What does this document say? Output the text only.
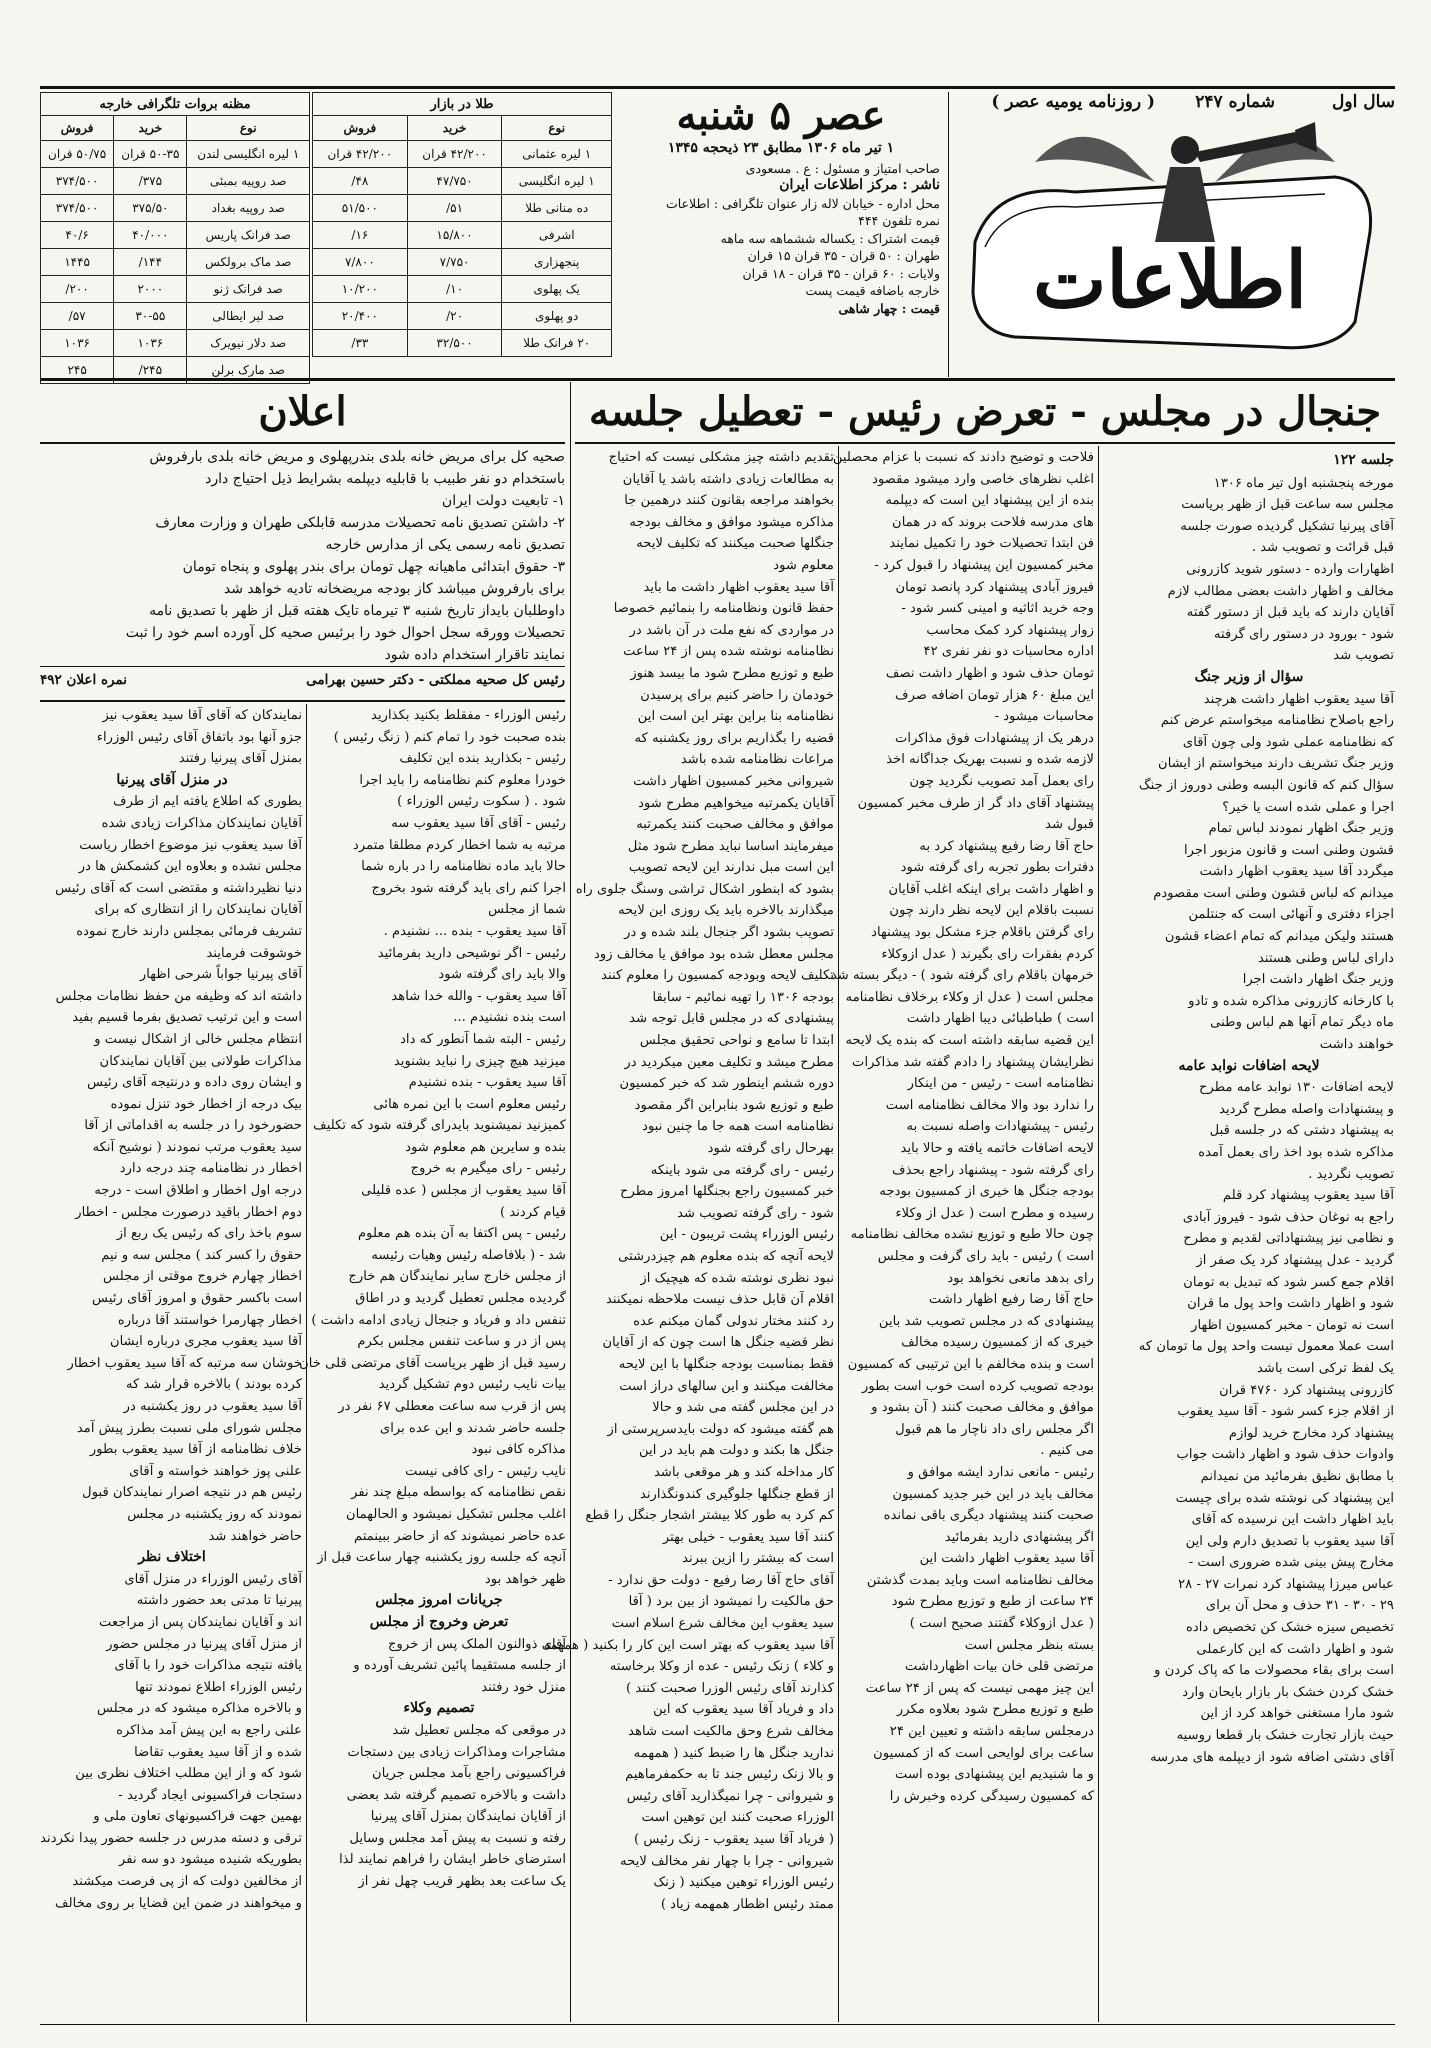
سال اول
شماره ۲۴۷
( روزنامه یومیه عصر )
اطلاعات
عصر ۵ شنبه
۱ تیر ماه ۱۳۰۶ مطابق ۲۳ ذیحجه ۱۳۴۵
صاحب امتیاز و مسئول : ع . مسعودی
ناشر : مرکز اطلاعات ایران
محل اداره - خیابان لاله زار عنوان تلگرافی : اطلاعات
نمره تلفون ۴۴۴
قیمت اشتراک : یکساله ششماهه سه ماهه
طهران : ۵۰ قران - ۳۵ قران ۱۵ قران
ولایات : ۶۰ قران - ۳۵ قران - ۱۸ قران
خارجه باضافه قیمت پست
قیمت : چهار شاهی
طلا در بازار		
نوع	خرید	فروش
۱ لیره عثمانی	۴۲/۲۰۰ قران	۴۲/۲۰۰ قران
۱ لیره انگلیسی	۴۷/۷۵۰	۴۸/
ده منانی طلا	۵۱/	۵۱/۵۰۰
اشرفی	۱۵/۸۰۰	۱۶/
پنجهزاری	۷/۷۵۰	۷/۸۰۰
یک پهلوی	۱۰/	۱۰/۲۰۰
دو پهلوی	۲۰/	۲۰/۴۰۰
۲۰ فرانک طلا	۳۲/۵۰۰	۳۳/
مظنه بروات تلگرافی خارجه		
نوع	خرید	فروش
۱ لیره انگلیسی لندن	۵۰-۳۵ قران	۵۰/۷۵ قران
صد روپیه بمبئی	۳۷۵/	۳۷۴/۵۰۰
صد روپیه بغداد	۳۷۵/۵۰	۳۷۴/۵۰۰
صد فرانک پاریس	۴۰/۰۰۰	۴۰/۶
صد ماک برولکس	۱۴۴/	۱۴۴۵
صد فرانک ژنو	۲۰۰۰	۲۰۰/
صد لیر ایطالی	۳۰-۵۵	۵۷/
صد دلار نیویرک	۱۰۳۶	۱۰۳۶
صد مارک برلن	۲۴۵/	۲۴۵
جنجال در مجلس - تعرض رئیس - تعطیل جلسه
اعلان

صحیه کل برای مریض خانه بلدی بندرپهلوی و مریض خانه بلدی بارفروش

باستخدام دو نفر طبیب با قابلیه دیپلمه بشرایط ذیل احتیاج دارد

۱- تابعیت دولت ایران

۲- داشتن تصدیق نامه تحصیلات مدرسه قابلکی طهران و وزارت معارف

تصدیق نامه رسمی یکی از مدارس خارجه

۳- حقوق ابتدائی ماهیانه چهل تومان برای بندر پهلوی و پنجاه تومان

برای بارفروش میباشد کاز بودجه مریضخانه تادیه خواهد شد

داوطلبان بایداز تاریخ شنبه ۳ تیرماه تایک هفته قبل از ظهر با تصدیق نامه

تحصیلات وورقه سجل احوال خود را برئیس صحیه کل آورده اسم خود را ثبت

نمایند تاقرار استخدام داده شود

رئیس کل صحیه مملکتی - دکتر حسین بهرامی
نمره اعلان ۴۹۲
جلسه ۱۲۲

مورخه پنجشنبه اول تیر ماه ۱۳۰۶

مجلس سه ساعت قبل از ظهر بریاست

آقای پیرنیا تشکیل گردیده صورت جلسه

قبل قرائت و تصویب شد .

اظهارات وارده - دستور شوید کازرونی

مخالف و اظهار داشت بعضی مطالب لازم

آقایان دارند که باید قبل از دستور گفته

شود - بورود در دستور رای گرفته

تصویب شد

سؤال از وزیر جنگ

آقا سید یعقوب اظهار داشت هرچند

راجع باصلاح نظامنامه میخواستم عرض کنم

که نظامنامه عملی شود ولی چون آقای

وزیر جنگ تشریف دارند میخواستم از ایشان

سؤال کنم که قانون البسه وطنی دوروز از جنگ

اجرا و عملی شده است یا خیر؟

وزیر جنگ اظهار نمودند لباس تمام

قشون وطنی است و قانون مزبور اجرا

میگردد آقا سید یعقوب اظهار داشت

میدانم که لباس قشون وطنی است مقصودم

اجزاء دفتری و آنهائی است که جنتلمن

هستند ولیکن میدانم که تمام اعضاء قشون

دارای لباس وطنی هستند

وزیر جنگ اظهار داشت اجرا

با کارخانه کازرونی مذاکره شده و تادو

ماه دیگر تمام آنها هم لباس وطنی

خواهند داشت

لایحه اضافات نوابد عامه

لایحه اضافات ۱۳۰ نوابد عامه مطرح

و پیشنهادات واصله مطرح گردید

به پیشنهاد دشتی که در جلسه قبل

مذاکره شده بود اخذ رای بعمل آمده

تصویب نگردید .

آقا سید یعقوب پیشنهاد کرد قلم

راجع به نوغان حذف شود - فیروز آبادی

و نظامی نیز پیشنهاداتی لقدیم و مطرح

گردید - عدل پیشنهاد کرد یک صفر از

اقلام جمع کسر شود که تبدیل به تومان

شود و اظهار داشت واحد پول ما قران

است نه تومان - مخبر کمسیون اظهار

است عملا معمول نیست واحد پول ما تومان که

یک لفظ ترکی است باشد

کازرونی پیشنهاد کرد ۴۷۶۰ قران

از اقلام جزء کسر شود - آقا سید یعقوب

پیشنهاد کرد مخارج خرید لوازم

وادوات حذف شود و اظهار داشت جواب

با مطابق نظیق بفرمائید من نمیدانم

این پیشنهاد کی نوشته شده برای چیست

باید اظهار داشت این نرسیده که آقای

آقا سید یعقوب با تصدیق دارم ولی این

مخارج پیش بینی شده ضروری است -

عباس میرزا پیشنهاد کرد نمرات ۲۷ - ۲۸

۲۹ - ۳۰ - ۳۱ حذف و محل آن برای

تخصیص سیزه خشک کن تخصیص داده

شود و اظهار داشت که این کارعملی

است برای بقاء محصولات ما که پاک کردن و

خشک کردن خشک بار بازار بایحان وارد

شود مارا مستغنی خواهد کرد از این

حیث بازار تجارت خشک بار قطعا روسیه

آقای دشتی اضافه شود از دیپلمه های مدرسه

فلاحت و توضیح دادند که نسبت با عزام محصلین

اغلب نظرهای خاصی وارد میشود مقصود

بنده از این پیشنهاد این است که دیپلمه

های مدرسه فلاحت بروند که در همان

فن ابتدا تحصیلات خود را تکمیل نمایند

مخبر کمسیون این پیشنهاد را قبول کرد -

فیروز آبادی پیشنهاد کرد پانصد تومان

وجه خرید اثاثیه و امینی کسر شود -

زوار پیشنهاد کرد کمک محاسب

اداره محاسبات دو نفر نفری ۴۲

تومان حذف شود و اظهار داشت نصف

این مبلغ ۶۰ هزار تومان اضافه صرف

محاسبات میشود -

درهر یک از پیشنهادات فوق مذاکرات

لازمه شده و نسبت بهریک جداگانه اخذ

رای بعمل آمد تصویب نگردید چون

پیشنهاد آقای داد گر از طرف مخبر کمسیون

قبول شد

حاج آقا رضا رفیع پیشنهاد کرد به

دفترات بطور تجربه رای گرفته شود

و اظهار داشت برای اینکه اغلب آقایان

نسبت باقلام این لایحه نظر دارند چون

رای گرفتن باقلام جزء مشکل بود پیشنهاد

کردم بفقرات رای بگیرند ( عدل ازوکلاء

خرمهان باقلام رای گرفته شود ) - دیگر بسته شد

مجلس است ( عدل از وکلاء برخلاف نظامنامه

است ) طباطبائی دیبا اظهار داشت

این قضیه سابقه داشته است که بنده یک لایحه

نظرایشان پیشنهاد را دادم گفته شد مذاکرات

نظامنامه است - رئیس - من اینکار

را ندارد بود والا مخالف نظامنامه است

رئیس - پیشنهادات واصله نسبت به

لایحه اضافات خاتمه یافته و حالا باید

رای گرفته شود - پیشنهاد راجع بحذف

بودجه جنگل ها خیری از کمسیون بودجه

رسیده و مطرح است ( عدل از وکلاء

چون حالا طبع و توزیع نشده مخالف نظامنامه

است ) رئیس - باید رای گرفت و مجلس

رای بدهد مانعی نخواهد بود

حاج آقا رضا رفیع اظهار داشت

پیشنهادی که در مجلس تصویب شد باین

خیری که از کمسیون رسیده مخالف

است و بنده مخالفم با این ترتیبی که کمسیون

بودجه تصویب کرده است خوب است بطور

موافق و مخالف صحبت کنند ( آن بشود و

اگر مجلس رای داد ناچار ما هم قبول

می کنیم .

رئیس - مانعی ندارد ایشه موافق و

مخالف باید در این خبر جدید کمسیون

صحبت کنند پیشنهاد دیگری باقی نمانده

اگر پیشنهادی دارید بفرمائید

آقا سید یعقوب اظهار داشت این

مخالف نظامنامه است وباید بمدت گذشتن

۲۴ ساعت از طبع و توزیع مطرح شود

( عدل ازوکلاء گفتند صحیح است )

بسته بنظر مجلس است

مرتضی قلی خان بیات اظهارداشت

این چیز مهمی نیست که پس از ۲۴ ساعت

طبع و توزیع مطرح شود بعلاوه مکرر

درمجلس سابقه داشته و تعیین این ۲۴

ساعت برای لوایحی است که از کمسیون

و ما شنیدیم این پیشنهادی بوده است

که کمسیون رسیدگی کرده وخبرش را

تقدیم داشته چیز مشکلی نیست که احتیاج

به مطالعات زیادی داشته باشد یا آقایان

بخواهند مراجعه بقانون کنند درهمین جا

مذاکره میشود موافق و مخالف بودجه

جنگلها صحبت میکنند که تکلیف لایحه

معلوم شود

آقا سید یعقوب اظهار داشت ما باید

حفظ قانون ونظامنامه را بنمائیم خصوصا

در مواردی که نفع ملت در آن باشد در

نظامنامه نوشته شده پس از ۲۴ ساعت

طبع و توزیع مطرح شود ما بیسد هنوز

خودمان را حاضر کنیم برای پرسیدن

نظامنامه بنا براین بهتر این است این

قضیه را بگذاریم برای روز یکشنبه که

مراعات نظامنامه شده باشد

شیروانی مخبر کمسیون اظهار داشت

آقایان یکمرتبه میخواهیم مطرح شود

موافق و مخالف صحبت کنند یکمرتبه

میفرمایند اساسا نباید مطرح شود مثل

این است مبل ندارند این لایحه تصویب

بشود که ابنطور اشکال تراشی وسنگ جلوی راه

میگذارند بالاخره باید یک روزی این لایحه

تصویب بشود اگر جنجال بلند شده و در

مجلس معطل شده بود موافق یا مخالف زود

تکلیف لایحه وبودجه کمسیون را معلوم کنند

بودجه ۱۳۰۶ را تهیه نمائیم - سابقا

پیشنهادی که در مجلس قابل توجه شد

ابتدا تا سامع و نواحی تحقیق مجلس

مطرح میشد و تکلیف معین میکردید در

دوره ششم اینطور شد که خبر کمسیون

طبع و توزیع شود بنابراین اگر مقصود

نظامنامه است همه جا ما چنین نبود

بهرحال رای گرفته شود

رئیس - رای گرفته می شود باینکه

خبر کمسیون راجع بجنگلها امروز مطرح

شود - رای گرفته تصویب شد

رئیس الوزراء پشت تریبون - این

لایحه آنچه که بنده معلوم هم چیزدرشتی

نبود نظری نوشته شده که هیچیک از

اقلام آن قابل حذف نیست ملاحظه نمیکنند

رد کنند مختار ندولی گمان میکنم عده

نظر قضیه جنگل ها است چون که از آقایان

فقط بمناسبت بودجه جنگلها با این لایحه

مخالفت میکنند و این سالهای دراز است

در این مجلس گفته می شد و حالا

هم گفته میشود که دولت بایدسرپرستی از

جنگل ها بکند و دولت هم باید در این

کار مداخله کند و هر موقعی باشد

از قطع جنگلها جلوگیری کندونگذارند

کم کرد به طور کلا بیشتر اشجار جنگل را قطع

کنند آقا سید یعقوب - خیلی بهتر

است که بیشتر را ازین ببرند

آقای حاج آقا رضا رفیع - دولت حق ندارد -

حق مالکیت را نمیشود از بین برد ( آقا

سید یعقوب این مخالف شرع اسلام است

آقا سید یعقوب که بهتر است این کار را بکنید ( همهمه

و کلاء ) زنک رئیس - عده از وکلا برخاسته

کذارند آقای رئیس الوزرا صحبت کنند )

داد و فریاد آقا سید یعقوب که این

مخالف شرع وحق مالکیت است شاهد

ندارید جنگل ها را ضبط کنید ( همهمه

و بالا زنک رئیس جند تا به حکمفرماهیم

و شیروانی - چرا نمیگذارید آقای رئیس

الوزراء صحبت کنند این توهین است

( فریاد آقا سید یعقوب - زنک رئیس )

شیروانی - چرا با چهار نفر مخالف لایحه

رئیس الوزراء توهین میکنید ( زنک

ممتد رئیس اظطار همهمه زیاد )

رئیس الوزراء - مفقلط بکنید بکذارید

بنده صحبت خود را تمام کنم ( زنگ رئیس )

رئیس - بکذارید بنده این تکلیف

خودرا معلوم کنم نظامنامه را باید اجرا

شود . ( سکوت رئیس الوزراء )

رئیس - آقای آقا سید یعقوب سه

مرتبه به شما اخطار کردم مطلقا متمرد

حالا باید ماده نظامنامه را در باره شما

اجرا کنم رای باید گرفته شود بخروج

شما از مجلس

آقا سید یعقوب - بنده ... نشنیدم .

رئیس - اگر نوشیحی دارید بفرمائید

والا باید رای گرفته شود

آقا سید یعقوب - والله خدا شاهد

است بنده نشنیدم ...

رئیس - البته شما آنطور که داد

میزنید هیچ چیزی را نباید بشنوید

آقا سید یعقوب - بنده نشنیدم

رئیس معلوم است با این نمره هائی

کمیزنید نمیشنوید بایدرای گرفته شود که تکلیف

بنده و سایرین هم معلوم شود

رئیس - رای میگیرم به خروج

آقا سید یعقوب از مجلس ( عده قلیلی

قیام کردند )

رئیس - پس اکتفا به آن بنده هم معلوم

شد - ( بلافاصله رئیس وهیات رئیسه

از مجلس خارج سایر نمایندگان هم خارج

گردیده مجلس تعطیل گردید و در اطاق

تنفس داد و فریاد و جنجال زیادی ادامه داشت )

پس از در و ساعت تنفس مجلس بکرم

رسید قبل از ظهر بریاست آقای مرتضی قلی خان

بیات نایب رئیس دوم تشکیل گردید

پس از قرب سه ساعت معطلی ۶۷ نفر در

جلسه حاضر شدند و این عده برای

مذاکره کافی نبود

نایب رئیس - رای کافی نیست

نقص نظامنامه که بواسطه مبلغ چند نفر

اغلب مجلس تشکیل نمیشود و الحالهمان

عده حاضر نمیشوند که از حاضر ببینمتم

آنچه که جلسه روز یکشنبه چهار ساعت قبل از

ظهر خواهد بود

جریانات امروز مجلس

تعرض وخروج از مجلس

آقای ذوالنون الملک پس از خروج

از جلسه مستقیما پائین تشریف آورده و

منزل خود رفتند

تصمیم وکلاء

در موقعی که مجلس تعطیل شد

مشاجرات ومذاکرات زیادی بین دستجات

فراکسیونی راجع بآمد مجلس جریان

داشت و بالاخره تصمیم گرفته شد بعضی

از آقایان نمایندگان بمنزل آقای پیرنیا

رفته و نسبت به پیش آمد مجلس وسایل

استرضای خاطر ایشان را فراهم نمایند لذا

یک ساعت بعد بظهر قریب چهل نفر از

نمایندکان که آقای آقا سید یعقوب نیز

جزو آنها بود باتفاق آقای رئیس الوزراء

بمنزل آقای پیرنیا رفتند

در منزل آقای پیرنیا

بطوری که اطلاع یافته ایم از طرف

آقایان نمایندکان مذاکرات زیادی شده

آقا سید یعقوب نیز موضوع اخطار ریاست

مجلس نشده و بعلاوه این کشمکش ها در

دنیا نظیرداشته و مقتضی است که آقای رئیس

آقایان نمایندکان را از انتظاری که برای

تشریف فرمائی بمجلس دارند خارج نموده

خوشوقت فرمایند

آقای پیرنیا جواباً شرحی اظهار

داشته اند که وظیفه من حفظ نظامات مجلس

است و این ترتیب تصدیق بفرما قسیم بفید

انتظام مجلس خالی از اشکال نیست و

مذاکرات طولانی بین آقایان نمایندکان

و ایشان روی داده و درنتیجه آقای رئیس

بیک درجه از اخطار خود تنزل نموده

حضورخود را در جلسه به اقداماتی از آقا

سید یعقوب مرتب نمودند ( نوشیح آنکه

اخطار در نظامنامه چند درجه دارد

درجه اول اخطار و اطلاق است - درجه

دوم اخطار باقید درصورت مجلس - اخطار

سوم باخذ رای که رئیس یک ربع از

حقوق را کسر کند ) مجلس سه و نیم

اخطار چهارم خروج موقتی از مجلس

است باکسر حقوق و امروز آقای رئیس

اخطار چهارمرا خواستند آقا درباره

آقا سید یعقوب مجری درباره ایشان

خوشان سه مرتبه که آقا سید یعقوب اخطار

کرده بودند ) بالاخره قرار شد که

آقا سید یعقوب در روز یکشنبه در

مجلس شورای ملی نسبت بطرز پیش آمد

خلاف نظامنامه از آقا سید یعقوب بطور

علنی پوز خواهند خواسته و آقای

رئیس هم در نتیجه اصرار نمایندکان قبول

نمودند که روز یکشنبه در مجلس

حاضر خواهند شد

اختلاف نظر

آقای رئیس الوزراء در منزل آقای

پیرنیا تا مدتی بعد حضور داشته

اند و آقایان نمایندکان پس از مراجعت

از منزل آقای پیرنیا در مجلس حضور

یافته نتیجه مذاکرات خود را با آقای

رئیس الوزراء اطلاع نمودند تنها

و بالاخره مذاکره میشود که در مجلس

علنی راجع به این پیش آمد مذاکره

شده و از آقا سید یعقوب تقاضا

شود که و از این مطلب اختلاف نظری بین

دستجات فراکسیونی ایجاد گردید -

بهمین جهت فراکسیونهای تعاون ملی و

ترقی و دسته مدرس در جلسه حضور پیدا نکردند

بطوریکه شنیده میشود دو سه نفر

از مخالفین دولت که از پی فرصت میکشند

و میخواهند در ضمن این قضایا بر روی مخالف
